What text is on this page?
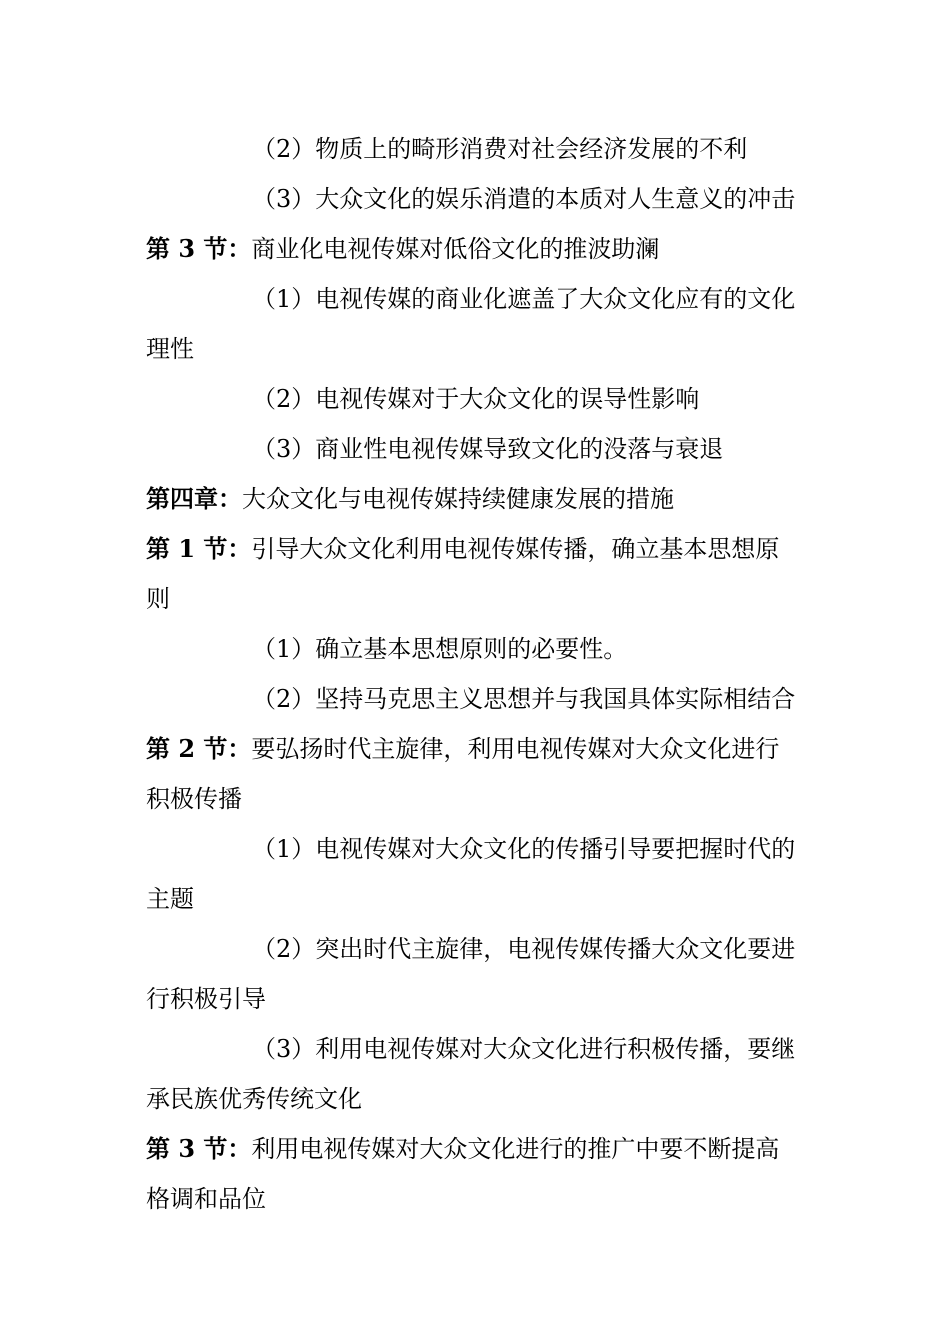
（2）物质上的畸形消费对社会经济发展的不利
（3）大众文化的娱乐消遣的本质对人生意义的冲击
第 3 节：商业化电视传媒对低俗文化的推波助澜
（1）电视传媒的商业化遮盖了大众文化应有的文化
理性
（2）电视传媒对于大众文化的误导性影响
（3）商业性电视传媒导致文化的没落与衰退
第四章：大众文化与电视传媒持续健康发展的措施
第 1 节：引导大众文化利用电视传媒传播，确立基本思想原
则
（1）确立基本思想原则的必要性。
（2）坚持马克思主义思想并与我国具体实际相结合
第 2 节：要弘扬时代主旋律，利用电视传媒对大众文化进行
积极传播
（1）电视传媒对大众文化的传播引导要把握时代的
主题
（2）突出时代主旋律，电视传媒传播大众文化要进
行积极引导
（3）利用电视传媒对大众文化进行积极传播，要继
承民族优秀传统文化
第 3 节：利用电视传媒对大众文化进行的推广中要不断提高
格调和品位
